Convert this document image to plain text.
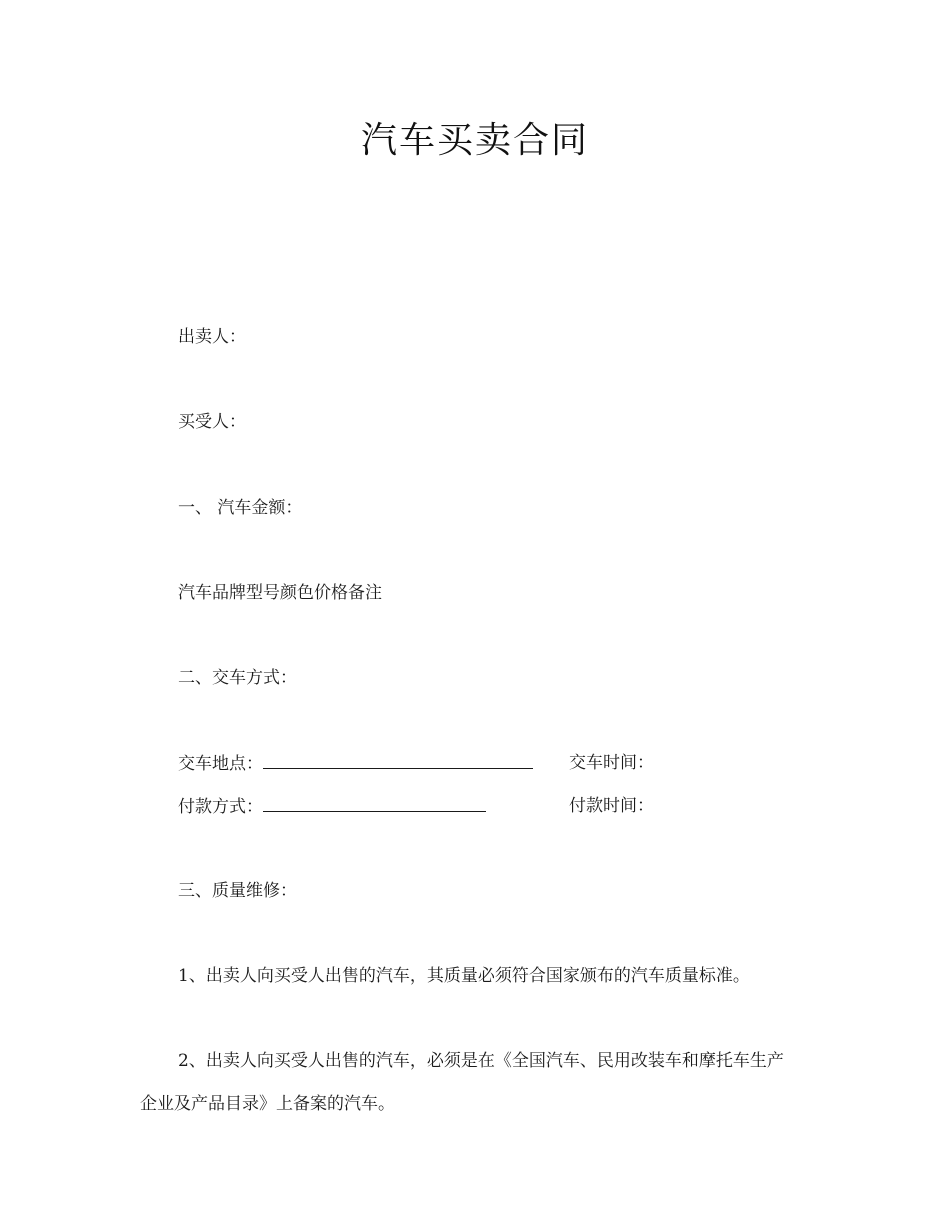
汽车买卖合同
出卖人：
买受人：
一、 汽车金额：
汽车品牌型号颜色价格备注
二、交车方式：
交车地点：	交车时间：
付款方式：	付款时间：
三、质量维修：
1、出卖人向买受人出售的汽车，其质量必须符合国家颁布的汽车质量标准。
2、出卖人向买受人出售的汽车，必须是在《全国汽车、民用改装车和摩托车生产
企业及产品目录》上备案的汽车。
